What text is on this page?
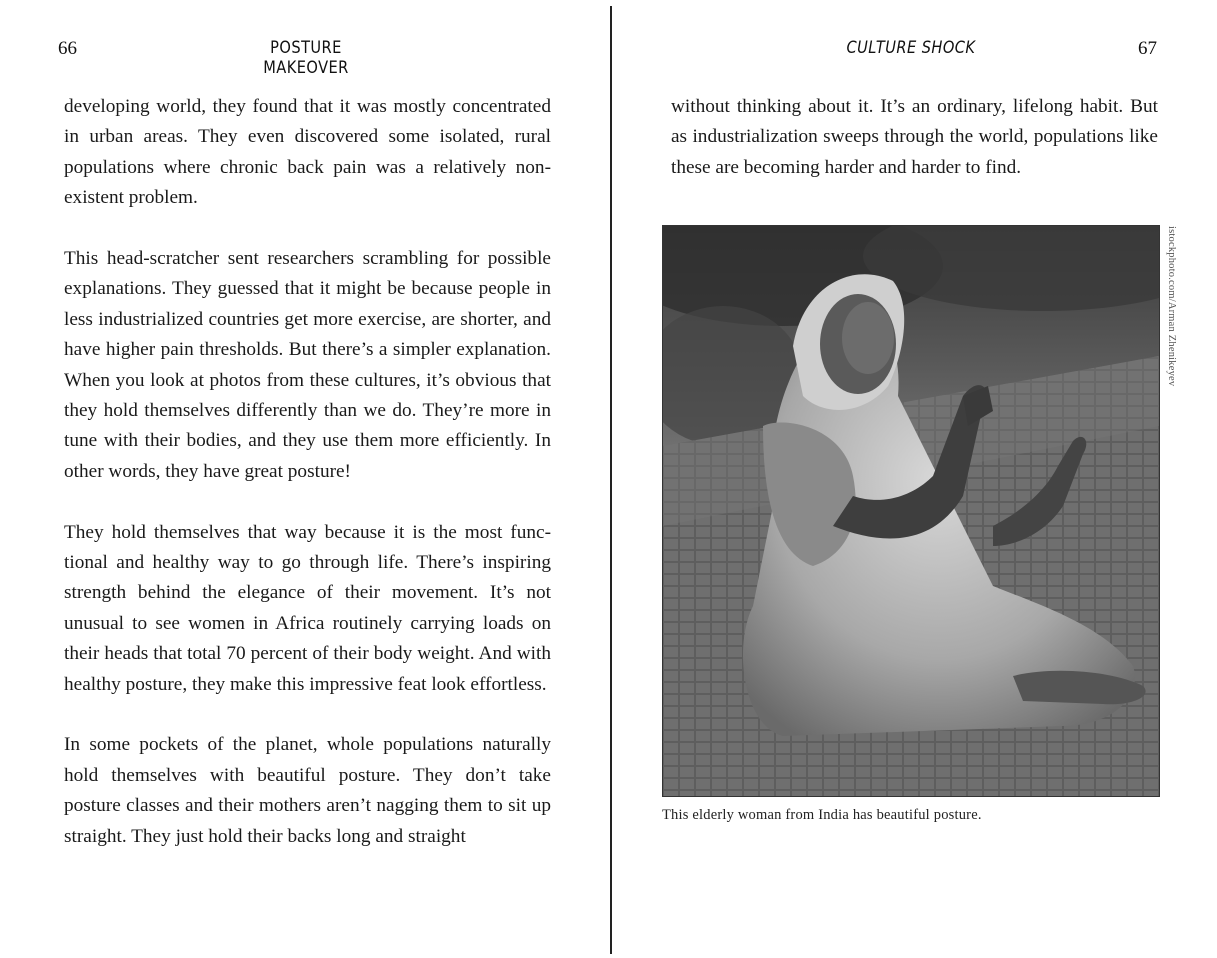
66	POSTURE MAKEOVER

developing world, they found that it was mostly concentrated in urban areas. They even discovered some isolated, rural populations where chronic back pain was a relatively non-existent problem.

This head-scratcher sent researchers scrambling for possible explanations. They guessed that it might be because people in less industrialized countries get more exercise, are shorter, and have higher pain thresholds. But there’s a simpler explanation. When you look at photos from these cultures, it’s obvious that they hold themselves differently than we do. They’re more in tune with their bodies, and they use them more efficiently. In other words, they have great posture!

They hold themselves that way because it is the most functional and healthy way to go through life. There’s inspiring strength behind the elegance of their movement. It’s not unusual to see women in Africa routinely carrying loads on their heads that total 70 percent of their body weight. And with healthy posture, they make this impressive feat look effortless.

In some pockets of the planet, whole populations naturally hold themselves with beautiful posture. They don’t take posture classes and their mothers aren’t nagging them to sit up straight. They just hold their backs long and straight

CULTURE SHOCK	67

without thinking about it. It’s an ordinary, lifelong habit. But as industrialization sweeps through the world, populations like these are becoming harder and harder to find.

istockphoto.com/Arman Zhenikeyev
This elderly woman from India has beautiful posture.
